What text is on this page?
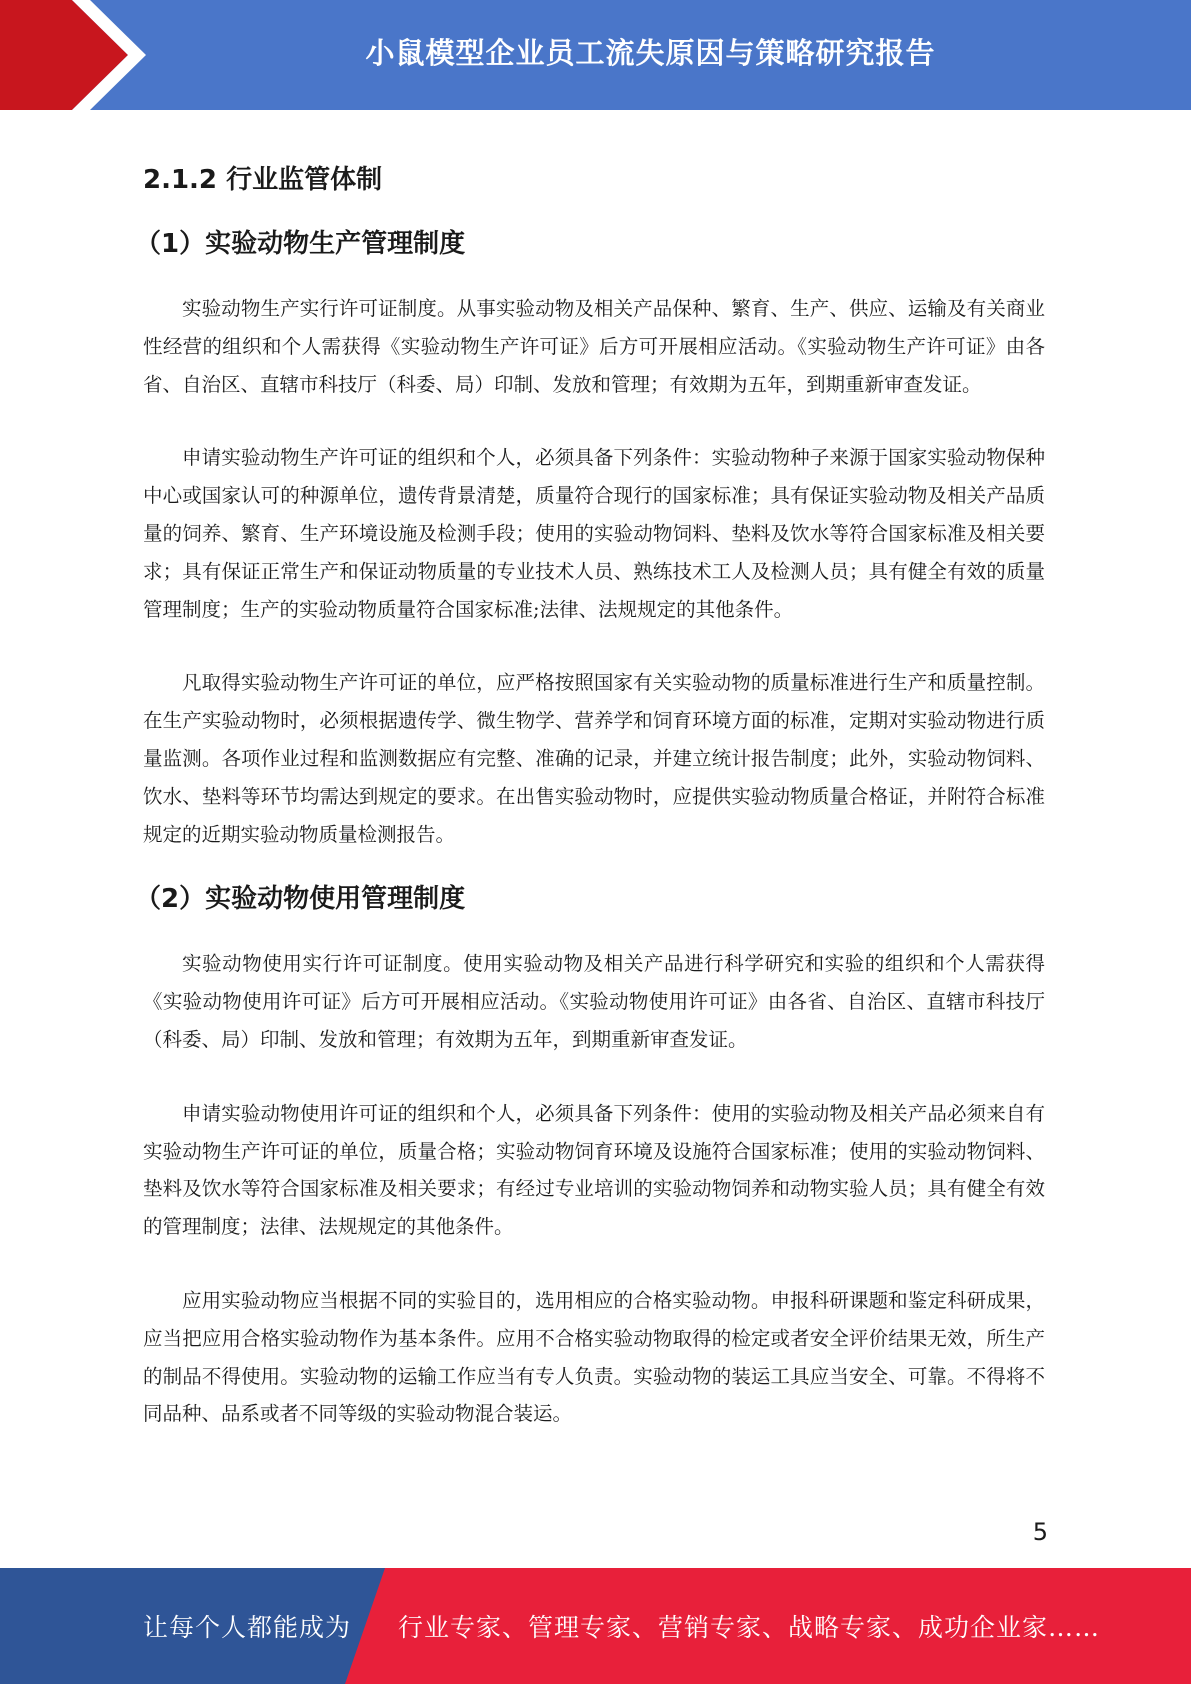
小鼠模型企业员工流失原因与策略研究报告
2.1.2 行业监管体制
（1）实验动物生产管理制度

实验动物生产实行许可证制度。从事实验动物及相关产品保种、繁育、生产、供应、运输及有关商业性经营的组织和个人需获得《实验动物生产许可证》后方可开展相应活动。《实验动物生产许可证》由各省、自治区、直辖市科技厅（科委、局）印制、发放和管理；有效期为五年，到期重新审查发证。

申请实验动物生产许可证的组织和个人，必须具备下列条件：实验动物种子来源于国家实验动物保种中心或国家认可的种源单位，遗传背景清楚，质量符合现行的国家标准；具有保证实验动物及相关产品质量的饲养、繁育、生产环境设施及检测手段；使用的实验动物饲料、垫料及饮水等符合国家标准及相关要求；具有保证正常生产和保证动物质量的专业技术人员、熟练技术工人及检测人员；具有健全有效的质量管理制度；生产的实验动物质量符合国家标准;法律、法规规定的其他条件。

凡取得实验动物生产许可证的单位，应严格按照国家有关实验动物的质量标准进行生产和质量控制。在生产实验动物时，必须根据遗传学、微生物学、营养学和饲育环境方面的标准，定期对实验动物进行质量监测。各项作业过程和监测数据应有完整、准确的记录，并建立统计报告制度；此外，实验动物饲料、饮水、垫料等环节均需达到规定的要求。在出售实验动物时，应提供实验动物质量合格证，并附符合标准规定的近期实验动物质量检测报告。

（2）实验动物使用管理制度

实验动物使用实行许可证制度。使用实验动物及相关产品进行科学研究和实验的组织和个人需获得《实验动物使用许可证》后方可开展相应活动。《实验动物使用许可证》由各省、自治区、直辖市科技厅（科委、局）印制、发放和管理；有效期为五年，到期重新审查发证。

申请实验动物使用许可证的组织和个人，必须具备下列条件：使用的实验动物及相关产品必须来自有实验动物生产许可证的单位，质量合格；实验动物饲育环境及设施符合国家标准；使用的实验动物饲料、垫料及饮水等符合国家标准及相关要求；有经过专业培训的实验动物饲养和动物实验人员；具有健全有效的管理制度；法律、法规规定的其他条件。

应用实验动物应当根据不同的实验目的，选用相应的合格实验动物。申报科研课题和鉴定科研成果，应当把应用合格实验动物作为基本条件。应用不合格实验动物取得的检定或者安全评价结果无效，所生产的制品不得使用。实验动物的运输工作应当有专人负责。实验动物的装运工具应当安全、可靠。不得将不同品种、品系或者不同等级的实验动物混合装运。

5
让每个人都能成为 行业专家、管理专家、营销专家、战略专家、成功企业家……
